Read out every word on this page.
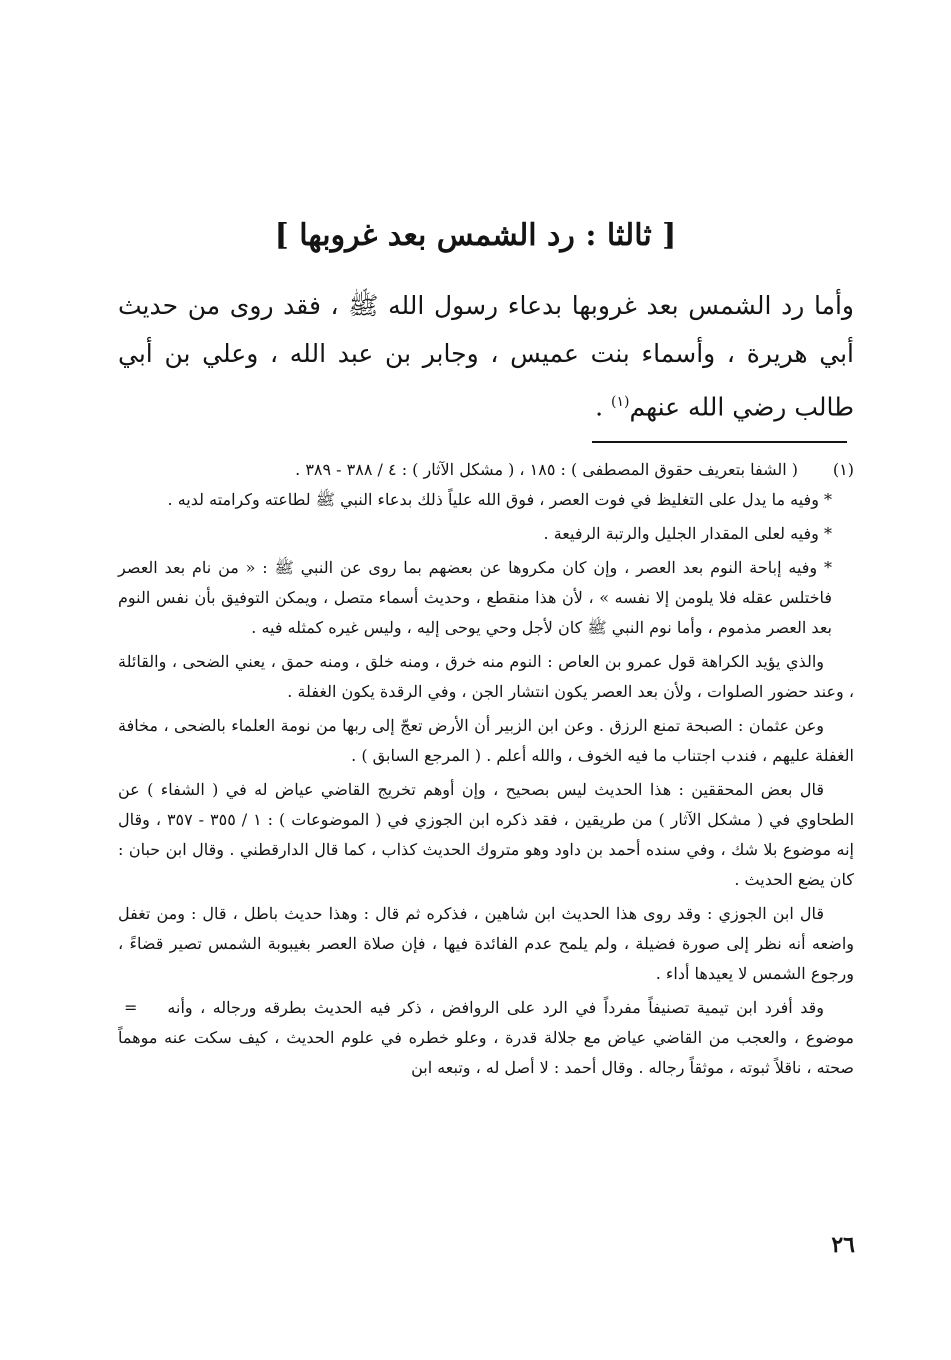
[ ثالثا : رد الشمس بعد غروبها ]
وأما رد الشمس بعد غروبها بدعاء رسول الله ﷺ ، فقد روى من حديث أبي هريرة ، وأسماء بنت عميس ، وجابر بن عبد الله ، وعلي بن أبي طالب رضي الله عنهم$^{(١)}$ .
(١)
( الشفا بتعريف حقوق المصطفى ) : ١٨٥ ، ( مشكل الآثار ) : ٤ / ٣٨٨ - ٣٨٩ .

* وفيه ما يدل على التغليظ في فوت العصر ، فوق الله علياً ذلك بدعاء النبي ﷺ لطاعته وكرامته لديه .

* وفيه لعلى المقدار الجليل والرتبة الرفيعة .

* وفيه إباحة النوم بعد العصر ، وإن كان مكروها عن بعضهم بما روى عن النبي ﷺ : « من نام بعد العصر فاختلس عقله فلا يلومن إلا نفسه » ، لأن هذا منقطع ، وحديث أسماء متصل ، ويمكن التوفيق بأن نفس النوم بعد العصر مذموم ، وأما نوم النبي ﷺ كان لأجل وحي يوحى إليه ، وليس غيره كمثله فيه .

والذي يؤيد الكراهة قول عمرو بن العاص : النوم منه خرق ، ومنه خلق ، ومنه حمق ، يعني الضحى ، والقائلة ، وعند حضور الصلوات ، ولأن بعد العصر يكون انتشار الجن ، وفي الرقدة يكون الغفلة .

وعن عثمان : الصبحة تمنع الرزق . وعن ابن الزبير أن الأرض تعجّ إلى ربها من نومة العلماء بالضحى ، مخافة الغفلة عليهم ، فندب اجتناب ما فيه الخوف ، والله أعلم . ( المرجع السابق ) .

قال بعض المحققين : هذا الحديث ليس بصحيح ، وإن أوهم تخريج القاضي عياض له في ( الشفاء ) عن الطحاوي في ( مشكل الآثار ) من طريقين ، فقد ذكره ابن الجوزي في ( الموضوعات ) : ١ / ٣٥٥ - ٣٥٧ ، وقال إنه موضوع بلا شك ، وفي سنده أحمد بن داود وهو متروك الحديث كذاب ، كما قال الدارقطني . وقال ابن حبان : كان يضع الحديث .

قال ابن الجوزي : وقد روى هذا الحديث ابن شاهين ، فذكره ثم قال : وهذا حديث باطل ، قال : ومن تغفل واضعه أنه نظر إلى صورة فضيلة ، ولم يلمح عدم الفائدة فيها ، فإن صلاة العصر بغيبوبة الشمس تصير قضاءً ، ورجوع الشمس لا يعيدها أداء .

=	وقد أفرد ابن تيمية تصنيفاً مفرداً في الرد على الروافض ، ذكر فيه الحديث بطرقه ورجاله ، وأنه موضوع ، والعجب من القاضي عياض مع جلالة قدرة ، وعلو خطره في علوم الحديث ، كيف سكت عنه موهماً صحته ، ناقلاً ثبوته ، موثقاً رجاله . وقال أحمد : لا أصل له ، وتبعه ابن

٢٦
